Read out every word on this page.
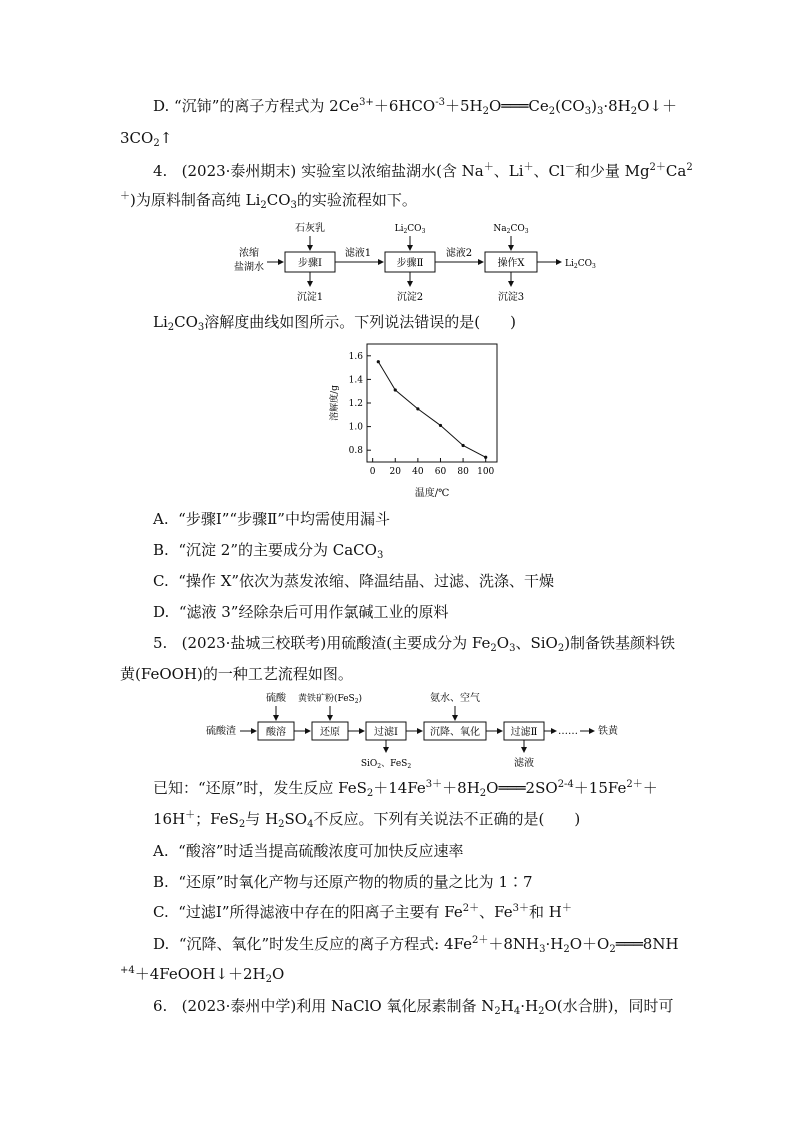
D. “沉铈”的离子方程式为 $2Ce^{3+}+6HCO^{-3}+5H_2O═══Ce_2(CO_3)_3\cdot 8H_2O↓+$
$3CO_2↑$
4. (2023·泰州期末) 实验室以浓缩盐湖水(含 Na＋、Li＋、Cl－和少量 $Mg^{2+}Ca^2$
＋)为原料制备高纯 $Li_2CO_3$的实验流程如下。
浓缩
盐湖水	步骤Ⅰ
石灰乳
沉淀1
滤液1
步骤Ⅱ
$Li_2CO_3$
沉淀2
滤液2
操作X
$Na_2CO_3$
沉淀3
$Li_2CO_3$
$Li_2CO_3$溶解度曲线如图所示。下列说法错误的是(　　)
0.8
1.0
1.2
1.4
1.6
0 20 40 60 80 100
溶解度/g
温度/℃
A. “步骤Ⅰ”“步骤Ⅱ”中均需使用漏斗
B. “沉淀 2”的主要成分为 CaCO$_3$
C. “操作 X”依次为蒸发浓缩、降温结晶、过滤、洗涤、干燥
D. “滤液 3”经除杂后可用作氯碱工业的原料
5. (2023·盐城三校联考)用硫酸渣(主要成分为 $Fe_2O_3$、SiO$_2$)制备铁基颜料铁
黄(FeOOH)的一种工艺流程如图。
硫酸渣	酸溶
硫酸
还原
黄铁矿粉(FeS$_2$)
过滤Ⅰ
SiO$_2$、FeS$_2$
沉降、氧化
氨水、空气
过滤Ⅱ
滤液
…… 铁黄
已知：“还原”时，发生反应 $FeS_2+14Fe^{3+}+8H_2O═══2SO^{2-4}+15Fe^{2+}+$
16H＋；FeS$_2$与 $H_2SO_4$不反应。下列有关说法不正确的是(　　)
A. “酸溶”时适当提高硫酸浓度可加快反应速率
B. “还原”时氧化产物与还原产物的物质的量之比为 1∶7
C. “过滤Ⅰ”所得滤液中存在的阳离子主要有 $Fe^{2+}$、$Fe^{3+}$和 H＋
D. “沉降、氧化”时发生反应的离子方程式: $4Fe^{2+}+8NH_3\cdot H_2O+O_2═══8NH$
$^{+4}+4FeOOH↓+2H_2O$
6. (2023·泰州中学)利用 NaClO 氧化尿素制备 $N_2H_4\cdot H_2O$(水合肼)，同时可
